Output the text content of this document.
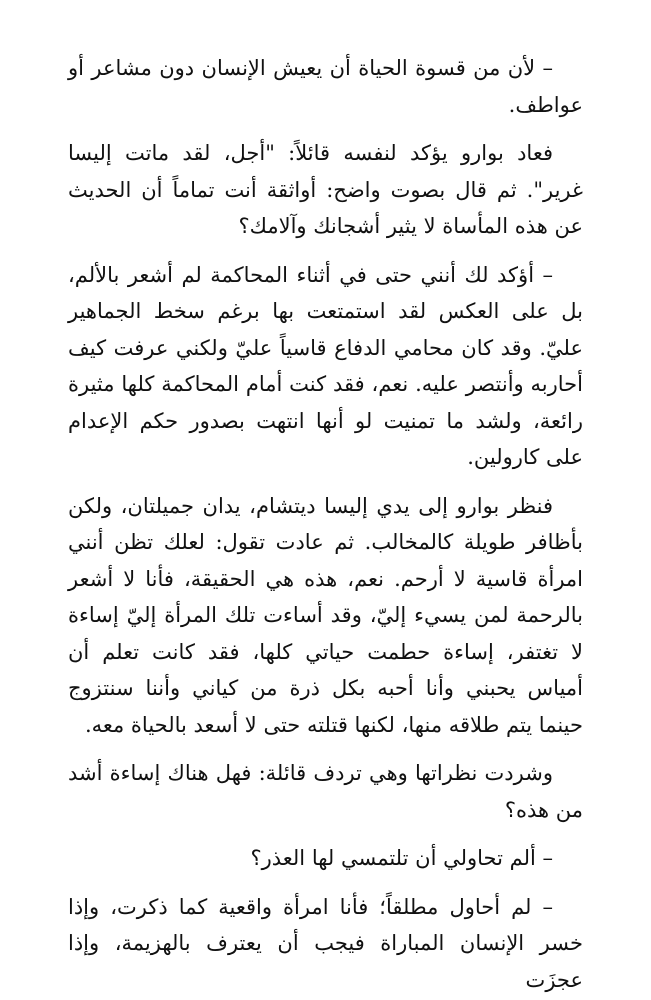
– لأن من قسوة الحياة أن يعيش الإنسان دون مشاعر أو عواطف.

فعاد بوارو يؤكد لنفسه قائلاً: "أجل، لقد ماتت إليسا غرير". ثم قال بصوت واضح: أواثقة أنت تماماً أن الحديث عن هذه المأساة لا يثير أشجانك وآلامك؟

– أؤكد لك أنني حتى في أثناء المحاكمة لم أشعر بالألم، بل على العكس لقد استمتعت بها برغم سخط الجماهير عليّ. وقد كان محامي الدفاع قاسياً عليّ ولكني عرفت كيف أحاربه وأنتصر عليه. نعم، فقد كنت أمام المحاكمة كلها مثيرة رائعة، ولشد ما تمنيت لو أنها انتهت بصدور حكم الإعدام على كارولين.

فنظر بوارو إلى يدي إليسا ديتشام، يدان جميلتان، ولكن بأظافر طويلة كالمخالب. ثم عادت تقول: لعلك تظن أنني امرأة قاسية لا أرحم. نعم، هذه هي الحقيقة، فأنا لا أشعر بالرحمة لمن يسيء إليّ، وقد أساءت تلك المرأة إليّ إساءة لا تغتفر، إساءة حطمت حياتي كلها، فقد كانت تعلم أن أمياس يحبني وأنا أحبه بكل ذرة من كياني وأننا سنتزوج حينما يتم طلاقه منها، لكنها قتلته حتى لا أسعد بالحياة معه.

وشردت نظراتها وهي تردف قائلة: فهل هناك إساءة أشد من هذه؟

– ألم تحاولي أن تلتمسي لها العذر؟

– لم أحاول مطلقاً؛ فأنا امرأة واقعية كما ذكرت، وإذا خسر الإنسان المباراة فيجب أن يعترف بالهزيمة، وإذا عجزَت
